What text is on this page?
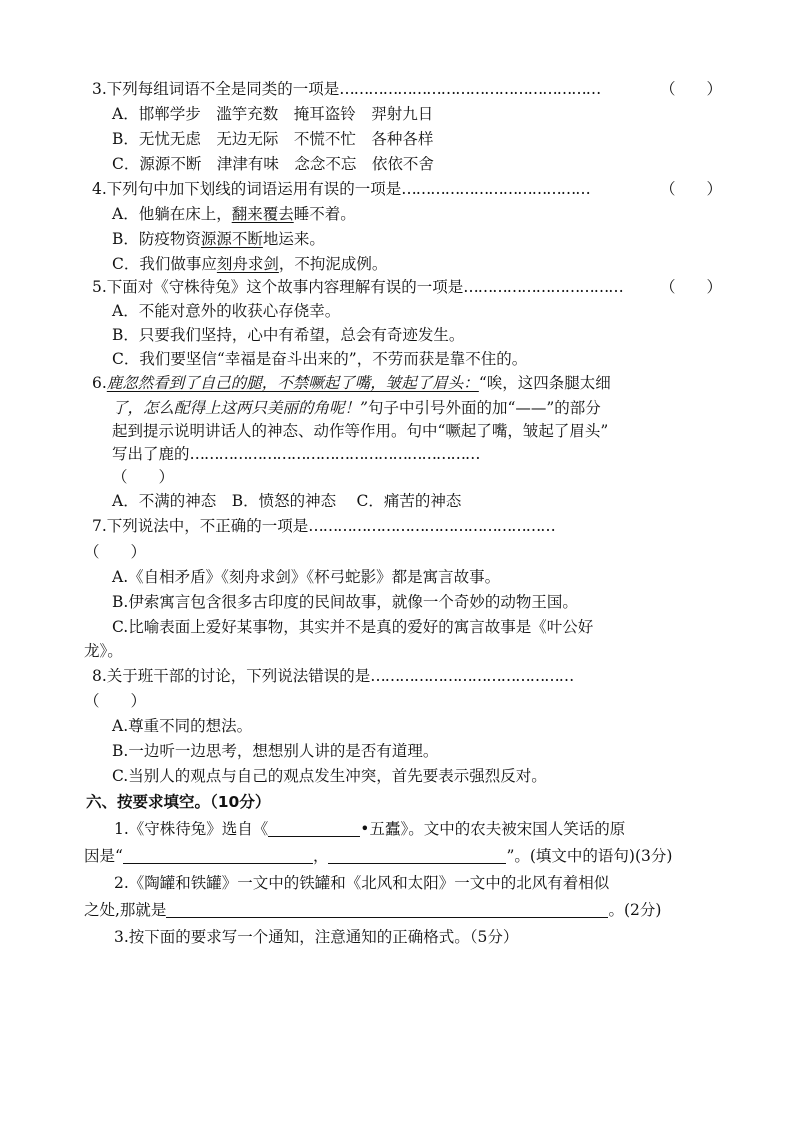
3.下列每组词语不全是同类的一项是………………………………………………	（　　）
A．邯郸学步　滥竽充数　掩耳盗铃　羿射九日
B．无忧无虑　无边无际　不慌不忙　各种各样
C．源源不断　津津有味　念念不忘　依依不舍
4.下列句中加下划线的词语运用有误的一项是…………………………………	（　　）
A．他躺在床上，翻来覆去睡不着。
B．防疫物资源源不断地运来。
C．我们做事应刻舟求剑，不拘泥成例。
5.下面对《守株待兔》这个故事内容理解有误的一项是…………………………… （　　）
A．不能对意外的收获心存侥幸。
B．只要我们坚持，心中有希望，总会有奇迹发生。
C．我们要坚信“幸福是奋斗出来的”，不劳而获是靠不住的。
6.鹿忽然看到了自己的腿，不禁噘起了嘴，皱起了眉头：“唉，这四条腿太细
了，怎么配得上这两只美丽的角呢！”句子中引号外面的加“——”的部分
起到提示说明讲话人的神态、动作等作用。句中“噘起了嘴，皱起了眉头”
写出了鹿的……………………………………………………
（　　）
A．不满的神态　B．愤怒的神态　 C．痛苦的神态
7.下列说法中，不正确的一项是……………………………………………
（　　）
A.《自相矛盾》《刻舟求剑》《杯弓蛇影》都是寓言故事。
B.伊索寓言包含很多古印度的民间故事，就像一个奇妙的动物王国。
C.比喻表面上爱好某事物，其实并不是真的爱好的寓言故事是《叶公好
龙》。
8.关于班干部的讨论，下列说法错误的是……………………………………
（　　）
A.尊重不同的想法。
B.一边听一边思考，想想别人讲的是否有道理。
C.当别人的观点与自己的观点发生冲突，首先要表示强烈反对。
六、按要求填空。（10分）
1.《守株待兔》选自《	•五蠹》。文中的农夫被宋国人笑话的原
因是“	，	”。(填文中的语句)(3分)
2.《陶罐和铁罐》一文中的铁罐和《北风和太阳》一文中的北风有着相似
之处,那就是	。(2分)
3.按下面的要求写一个通知，注意通知的正确格式。（5分）
